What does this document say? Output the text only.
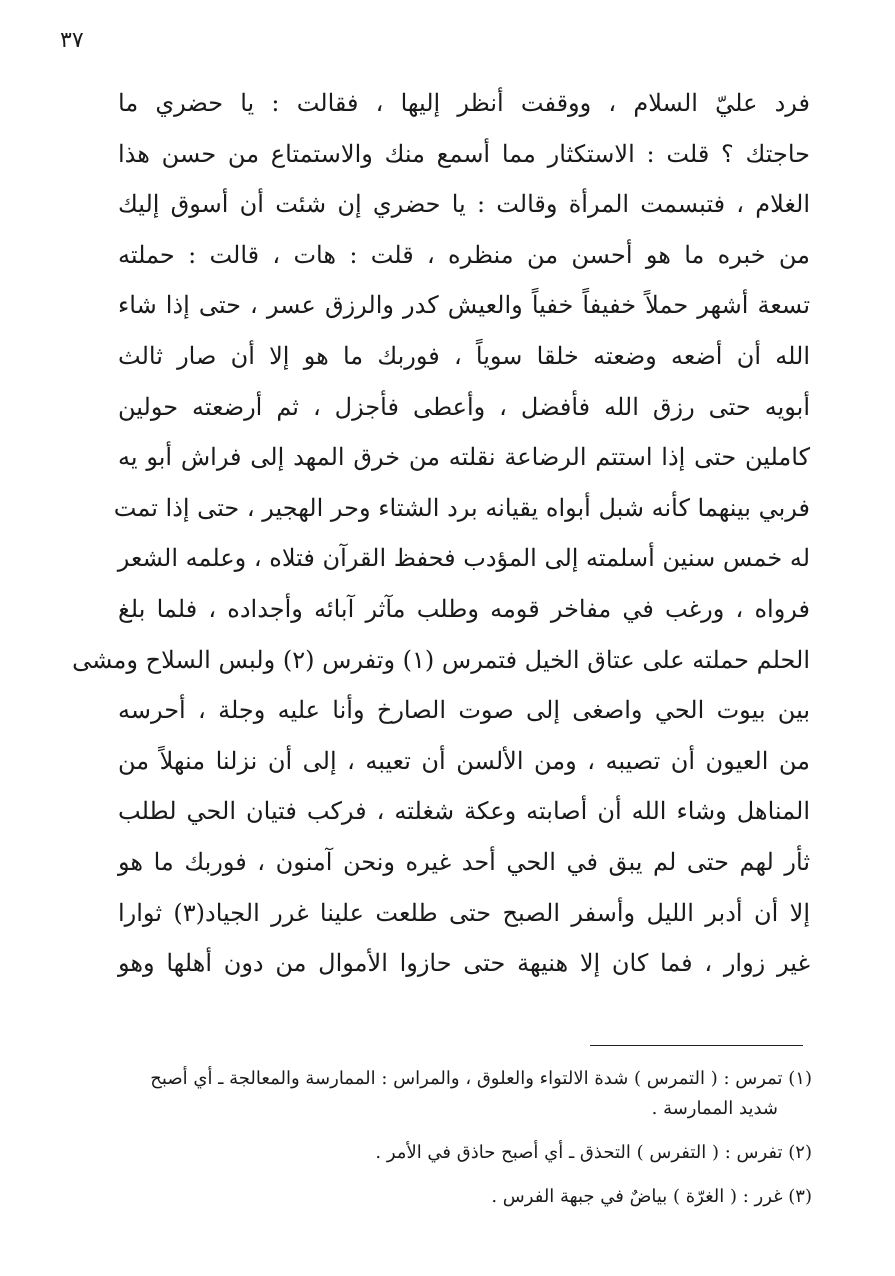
٣٧
فرد عليّ السلام ، ووقفت أنظر إليها ، فقالت : يا حضري ما
حاجتك ؟ قلت : الاستكثار مما أسمع منك والاستمتاع من حسن هذا
الغلام ، فتبسمت المرأة وقالت : يا حضري إن شئت أن أسوق إليك
من خبره ما هو أحسن من منظره ، قلت : هات ، قالت : حملته
تسعة أشهر حملاً خفيفاً خفياً والعيش كدر والرزق عسر ، حتى إذا شاء
الله أن أضعه وضعته خلقا سوياً ، فوربك ما هو إلا أن صار ثالث
أبويه حتى رزق الله فأفضل ، وأعطى فأجزل ، ثم أرضعته حولين
كاملين حتى إذا استتم الرضاعة نقلته من خرق المهد إلى فراش أبو يه
فربي بينهما كأنه شبل أبواه يقيانه برد الشتاء وحر الهجير ، حتى إذا تمت
له خمس سنين أسلمته إلى المؤدب فحفظ القرآن فتلاه ، وعلمه الشعر
فرواه ، ورغب في مفاخر قومه وطلب مآثر آبائه وأجداده ، فلما بلغ
الحلم حملته على عتاق الخيل فتمرس (١) وتفرس (٢) ولبس السلاح ومشى
بين بيوت الحي واصغى إلى صوت الصارخ وأنا عليه وجلة ، أحرسه
من العيون أن تصيبه ، ومن الألسن أن تعيبه ، إلى أن نزلنا منهلاً من
المناهل وشاء الله أن أصابته وعكة شغلته ، فركب فتيان الحي لطلب
ثأر لهم حتى لم يبق في الحي أحد غيره ونحن آمنون ، فوربك ما هو
إلا أن أدبر الليل وأسفر الصبح حتى طلعت علينا غرر الجياد(٣) ثوارا
غير زوار ، فما كان إلا هنيهة حتى حازوا الأموال من دون أهلها وهو
(١) تمرس : ( التمرس ) شدة الالتواء والعلوق ، والمراس : الممارسة والمعالجة ـ أي أصبح
شديد الممارسة .
(٢) تفرس : ( التفرس ) التحذق ـ أي أصبح حاذق في الأمر .
(٣) غرر : ( الغرّة ) بياضٌ في جبهة الفرس .
